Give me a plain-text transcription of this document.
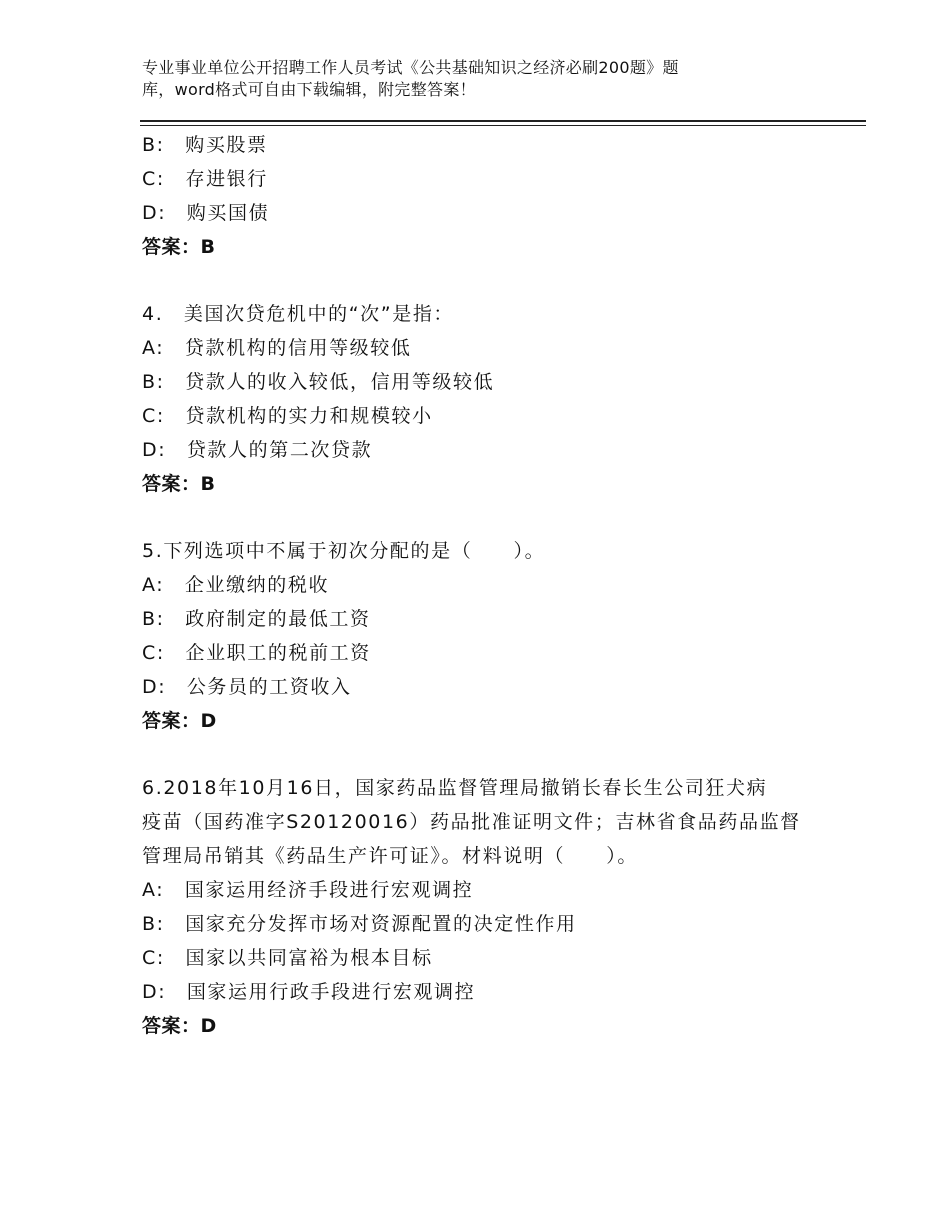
专业事业单位公开招聘工作人员考试《公共基础知识之经济必刷200题》题
库，word格式可自由下载编辑，附完整答案！
B:　购买股票
C:　存进银行
D:　购买国债
答案：B
4.　美国次贷危机中的“次”是指：
A:　贷款机构的信用等级较低
B:　贷款人的收入较低，信用等级较低
C:　贷款机构的实力和规模较小
D:　贷款人的第二次贷款
答案：B
5.下列选项中不属于初次分配的是（　　）。
A:　企业缴纳的税收
B:　政府制定的最低工资
C:　企业职工的税前工资
D:　公务员的工资收入
答案：D
6.2018年10月16日，国家药品监督管理局撤销长春长生公司狂犬病
疫苗（国药准字S20120016）药品批准证明文件；吉林省食品药品监督
管理局吊销其《药品生产许可证》。材料说明（　　）。
A:　国家运用经济手段进行宏观调控
B:　国家充分发挥市场对资源配置的决定性作用
C:　国家以共同富裕为根本目标
D:　国家运用行政手段进行宏观调控
答案：D
